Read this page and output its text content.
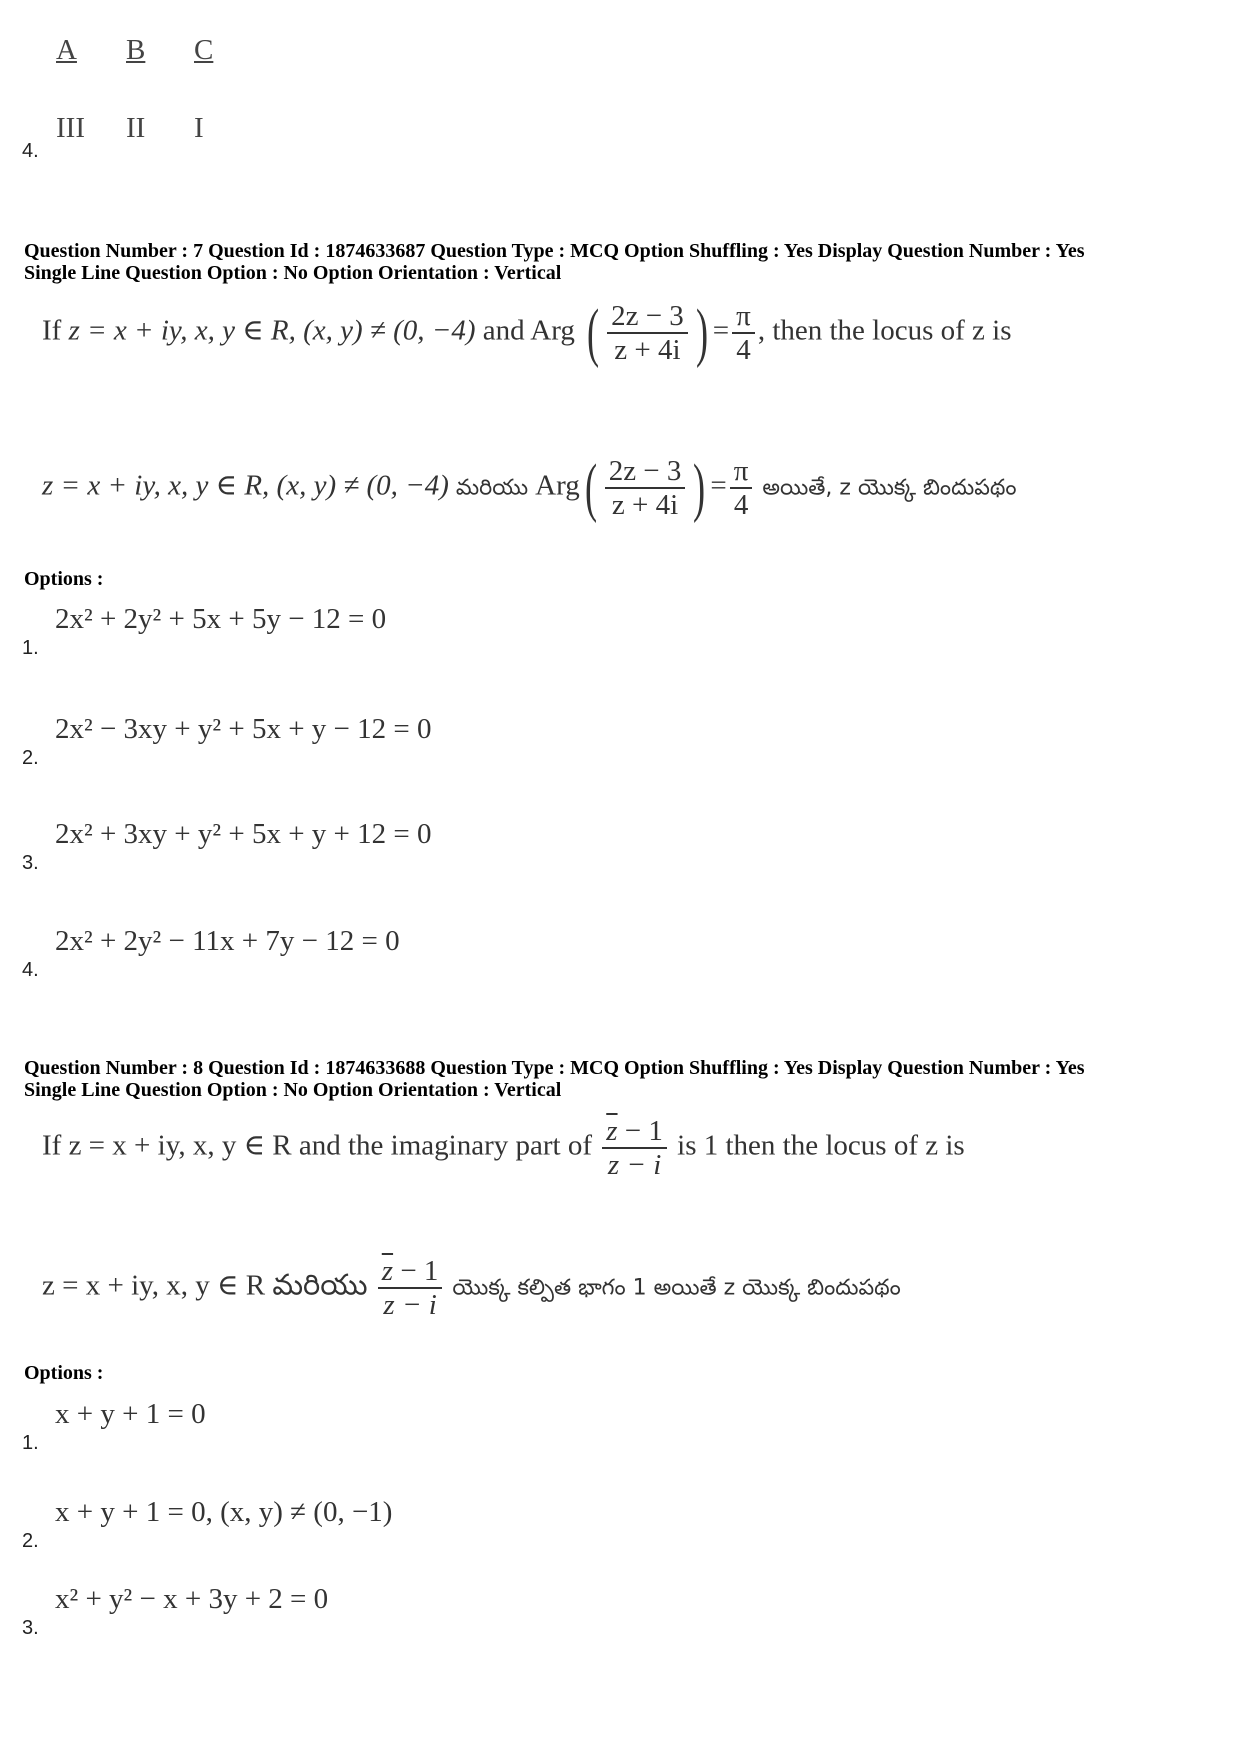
A B C
III II I
4.
Question Number : 7 Question Id : 1874633687 Question Type : MCQ Option Shuffling : Yes Display Question Number : Yes
Single Line Question Option : No Option Orientation : Vertical
If z = x + iy, x, y ∈ R, (x, y) ≠ (0, −4) and Arg ( $\frac{2z - 3}{z + 4i}$ ) = $\frac{\pi}{4}$ , then the locus of z is
z = x + iy, x, y ∈ R, (x, y) ≠ (0, −4) మరియు $Arg( \frac{2z - 3}{z + 4i}$ ) = $\frac{\pi}{4}$ అయితే, z యొక్క బిందుపథం
Options :
1.
2x² + 2y² + 5x + 5y − 12 = 0
2.
2x² − 3xy + y² + 5x + y − 12 = 0
3.
2x² + 3xy + y² + 5x + y + 12 = 0
4.
2x² + 2y² − 11x + 7y − 12 = 0
Question Number : 8 Question Id : 1874633688 Question Type : MCQ Option Shuffling : Yes Display Question Number : Yes
Single Line Question Option : No Option Orientation : Vertical
If z = x + iy, x, y ∈ R and the imaginary part of $\frac{\overline{z} - 1}{\overline{z} - i}$ is 1 then the locus of z is
z = x + iy, x, y ∈ R మరియు $\frac{\overline{z} - 1}{\overline{z} - i}$ యొక్క కల్పిత భాగం 1 అయితే z యొక్క బిందుపథం
Options :
1.
x + y + 1 = 0
2.
x + y + 1 = 0, (x, y) ≠ (0, −1)
3.
x² + y² − x + 3y + 2 = 0
